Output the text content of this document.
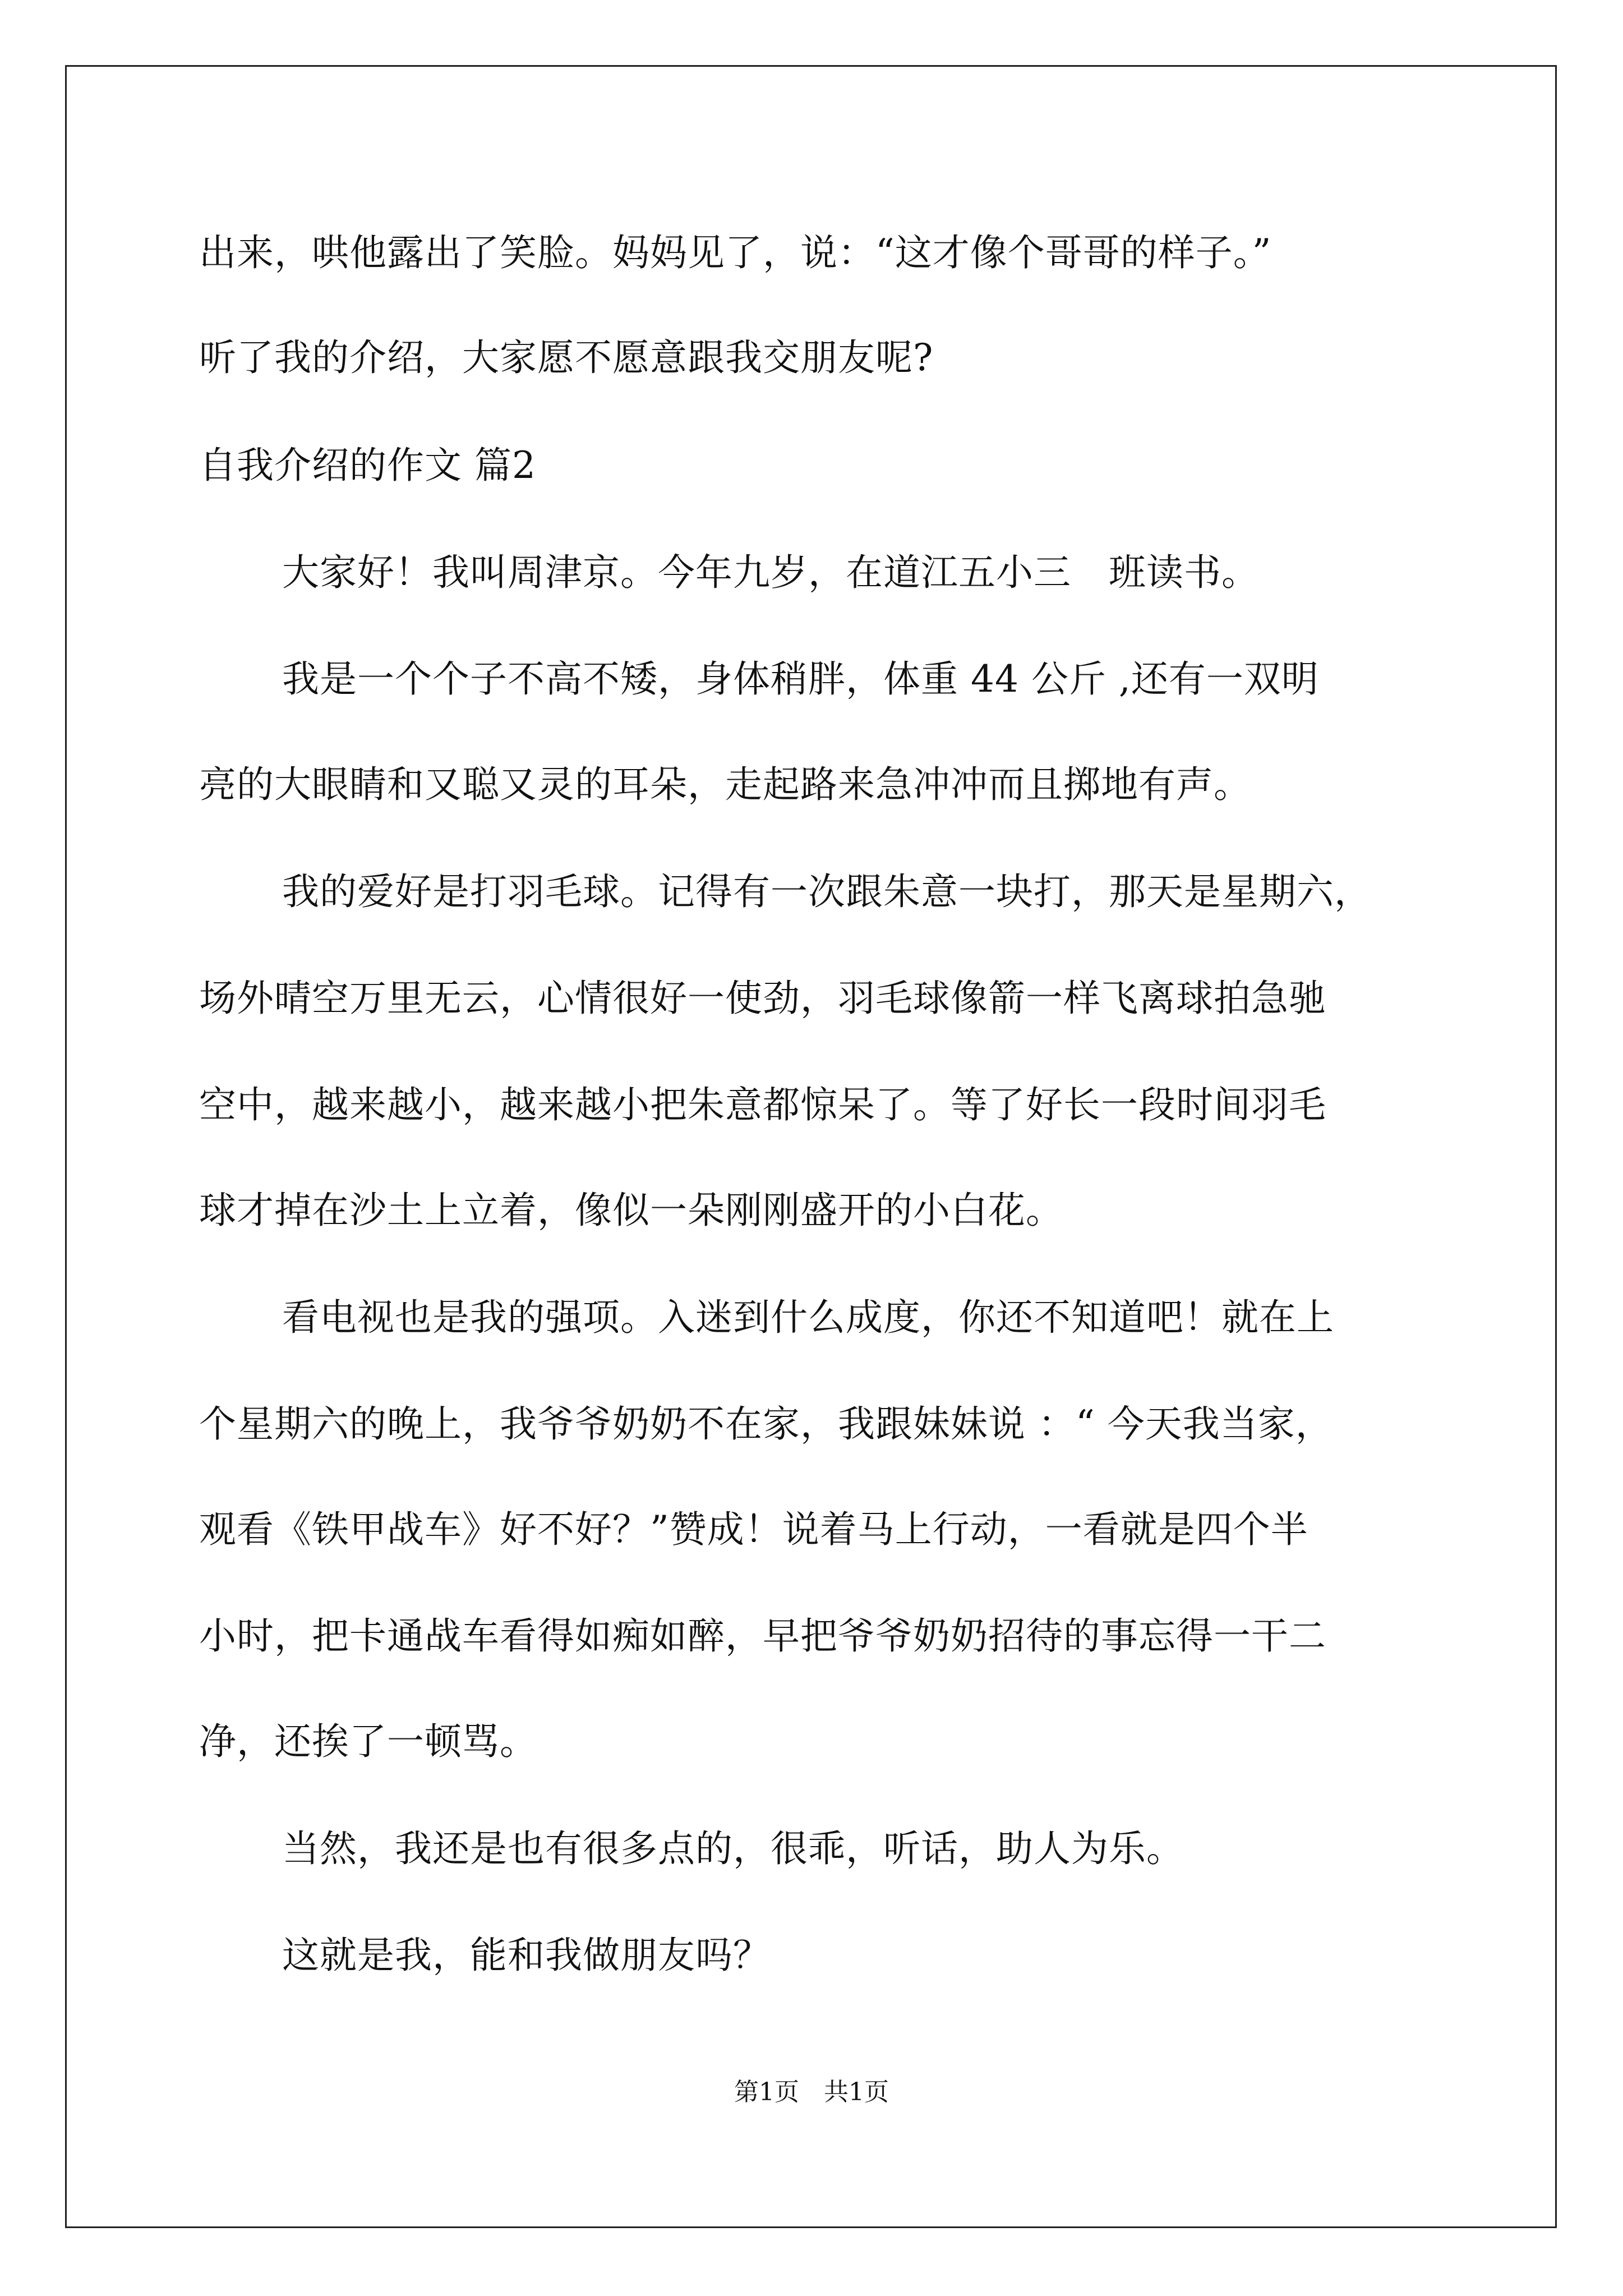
出来，哄他露出了笑脸。妈妈见了，说：“这才像个哥哥的样子。”
听了我的介绍，大家愿不愿意跟我交朋友呢?
自我介绍的作文 篇2
大家好！我叫周津京。今年九岁，在道江五小三　班读书。
我是一个个子不高不矮，身体稍胖，体重 44 公斤 ,还有一双明
亮的大眼睛和又聪又灵的耳朵，走起路来急冲冲而且掷地有声。
我的爱好是打羽毛球。记得有一次跟朱意一块打，那天是星期六，
场外晴空万里无云，心情很好一使劲，羽毛球像箭一样飞离球拍急驰
空中，越来越小，越来越小把朱意都惊呆了。等了好长一段时间羽毛
球才掉在沙土上立着，像似一朵刚刚盛开的小白花。
看电视也是我的强项。入迷到什么成度，你还不知道吧！就在上
个星期六的晚上，我爷爷奶奶不在家，我跟妹妹说 ：“ 今天我当家，
观看《铁甲战车》好不好？”赞成！说着马上行动，一看就是四个半
小时，把卡通战车看得如痴如醉，早把爷爷奶奶招待的事忘得一干二
净，还挨了一顿骂。
当然，我还是也有很多点的，很乖，听话，助人为乐。
这就是我，能和我做朋友吗？
第1页　共1页
